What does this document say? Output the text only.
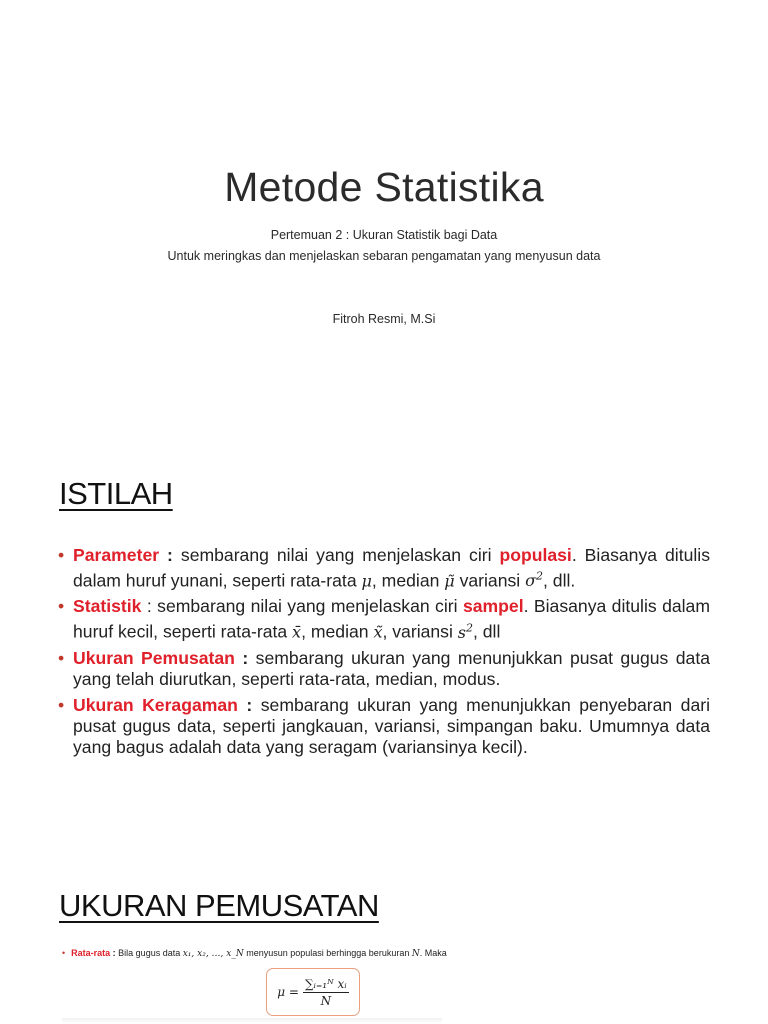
Metode Statistika
Pertemuan 2 : Ukuran Statistik bagi Data
Untuk meringkas dan menjelaskan sebaran pengamatan yang menyusun data
Fitroh Resmi, M.Si
ISTILAH
• Parameter : sembarang nilai yang menjelaskan ciri populasi. Biasanya ditulis dalam huruf yunani, seperti rata-rata μ, median μ̃ variansi $\sigma^2$, dll.
• Statistik : sembarang nilai yang menjelaskan ciri sampel. Biasanya ditulis dalam huruf kecil, seperti rata-rata x̄, median x̃, variansi $s^2$, dll
• Ukuran Pemusatan : sembarang ukuran yang menunjukkan pusat gugus data yang telah diurutkan, seperti rata-rata, median, modus.
• Ukuran Keragaman : sembarang ukuran yang menunjukkan penyebaran dari pusat gugus data, seperti jangkauan, variansi, simpangan baku. Umumnya data yang bagus adalah data yang seragam (variansinya kecil).
UKURAN PEMUSATAN
• Rata-rata : Bila gugus data x₁, x₂, …, x_N menyusun populasi berhingga berukuran N. Maka
$\mu = \frac{\text{∑ᵢ₌₁ᴺ xᵢ}}{N}$
